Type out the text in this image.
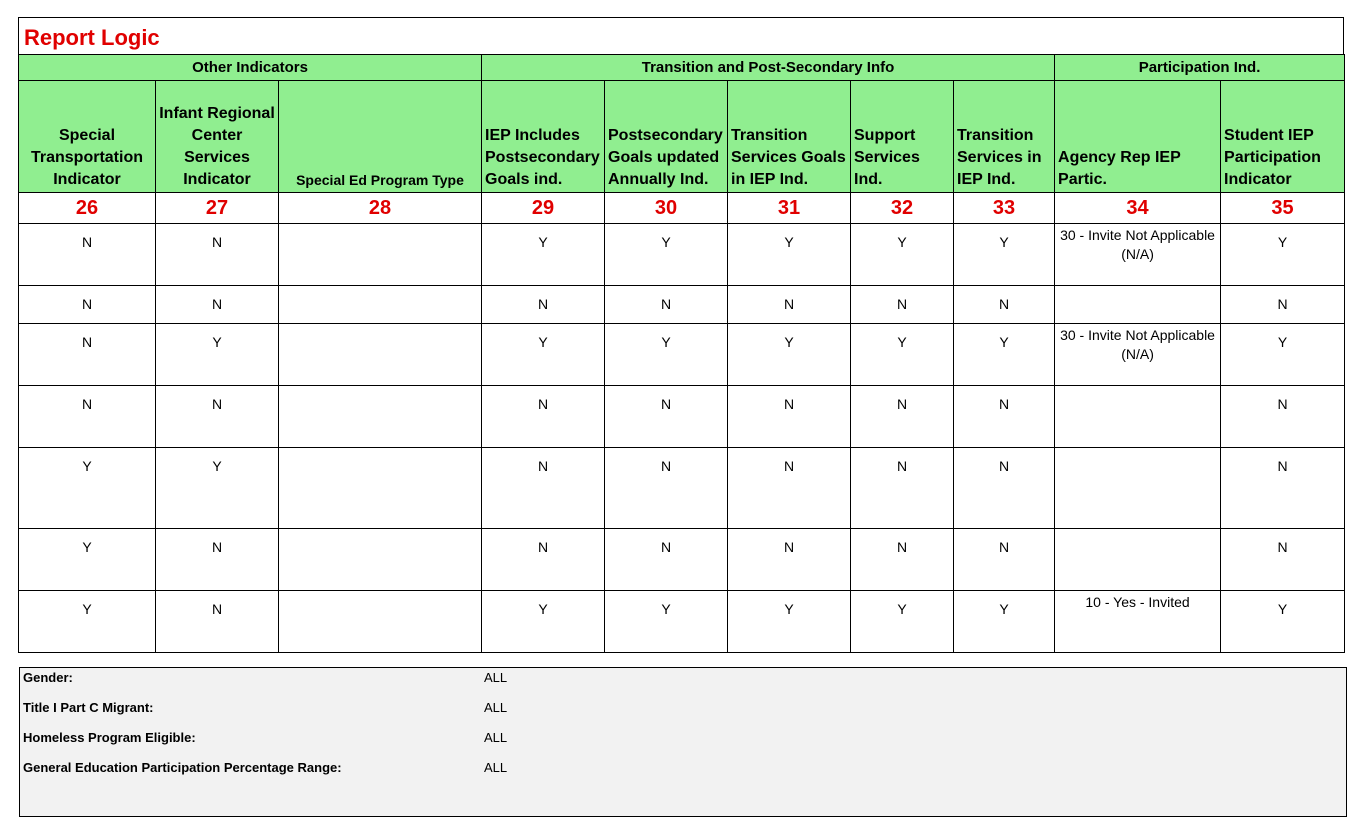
Report Logic
Other Indicators			Transition and Post-Secondary Info					Participation Ind.	
Special Transportation Indicator	Infant Regional Center Services Indicator	Special Ed Program Type	IEP Includes Postsecondary Goals ind.	Postsecondary Goals updated Annually Ind.	Transition Services Goals in IEP Ind.	Support Services Ind.	Transition Services in IEP Ind.	Agency Rep IEP Partic.	Student IEP Participation Indicator
26	27	28	29	30	31	32	33	34	35
N	N		Y	Y	Y	Y	Y	30 - Invite Not Applicable (N/A)	Y
N	N		N	N	N	N	N		N
N	Y		Y	Y	Y	Y	Y	30 - Invite Not Applicable (N/A)	Y
N	N		N	N	N	N	N		N
Y	Y		N	N	N	N	N		N
Y	N		N	N	N	N	N		N
Y	N		Y	Y	Y	Y	Y	10 - Yes - Invited	Y
Gender:	ALL
Title I Part C Migrant:	ALL
Homeless Program Eligible:	ALL
General Education Participation Percentage Range:	ALL
